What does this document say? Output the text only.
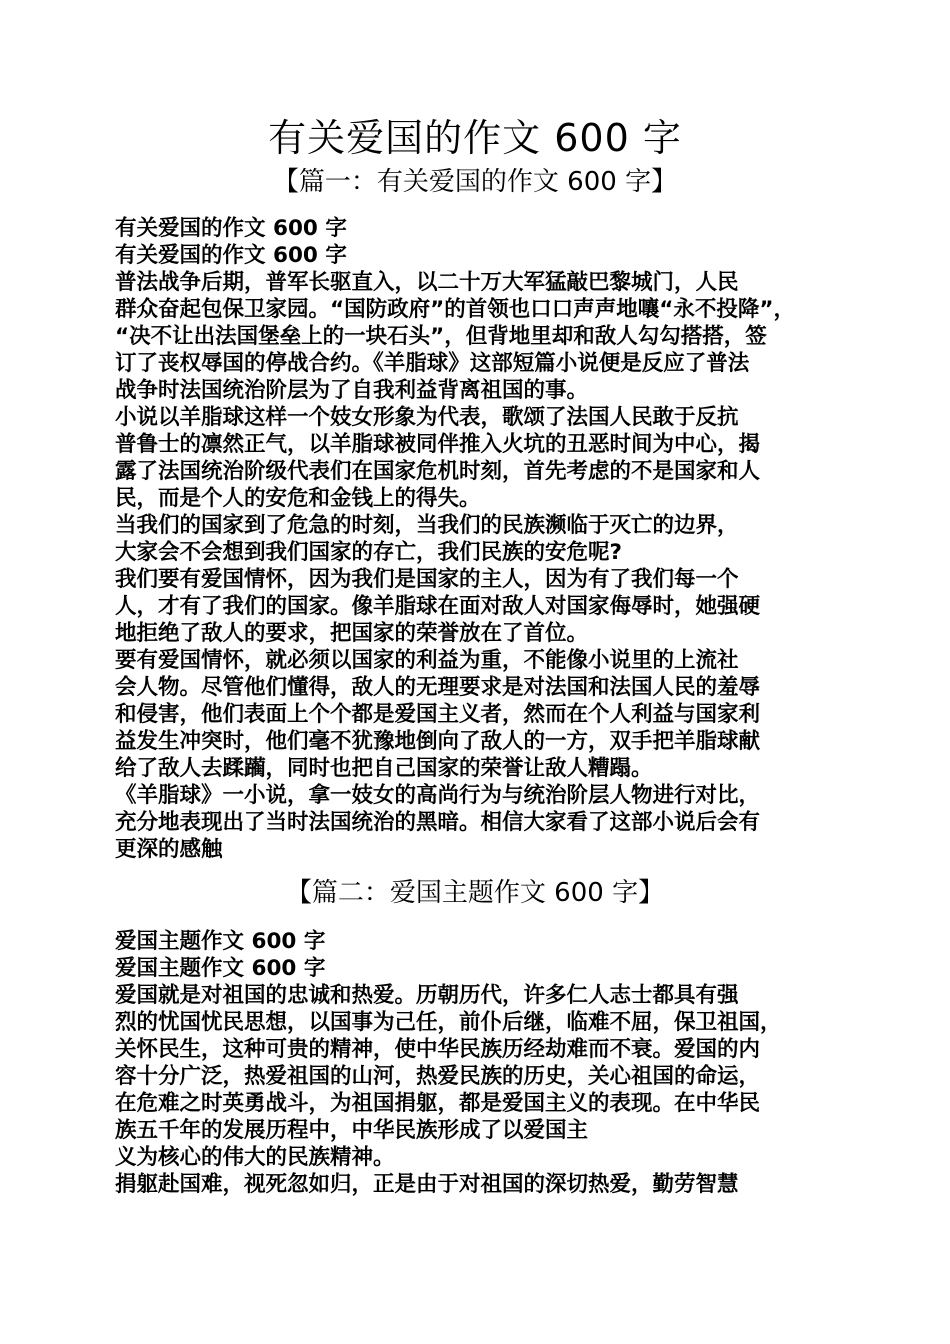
有关爱国的作文 600 字
【篇一：有关爱国的作文 600 字】
有关爱国的作文 600 字
有关爱国的作文 600 字
普法战争后期，普军长驱直入，以二十万大军猛敲巴黎城门，人民
群众奋起包保卫家园。“国防政府”的首领也口口声声地嚷“永不投降”，
“决不让出法国堡垒上的一块石头”，但背地里却和敌人勾勾搭搭，签
订了丧权辱国的停战合约。《羊脂球》这部短篇小说便是反应了普法
战争时法国统治阶层为了自我利益背离祖国的事。
小说以羊脂球这样一个妓女形象为代表，歌颂了法国人民敢于反抗
普鲁士的凛然正气，以羊脂球被同伴推入火坑的丑恶时间为中心，揭
露了法国统治阶级代表们在国家危机时刻，首先考虑的不是国家和人
民，而是个人的安危和金钱上的得失。
当我们的国家到了危急的时刻，当我们的民族濒临于灭亡的边界，
大家会不会想到我们国家的存亡，我们民族的安危呢?
我们要有爱国情怀，因为我们是国家的主人，因为有了我们每一个
人，才有了我们的国家。像羊脂球在面对敌人对国家侮辱时，她强硬
地拒绝了敌人的要求，把国家的荣誉放在了首位。
要有爱国情怀，就必须以国家的利益为重，不能像小说里的上流社
会人物。尽管他们懂得，敌人的无理要求是对法国和法国人民的羞辱
和侵害，他们表面上个个都是爱国主义者，然而在个人利益与国家利
益发生冲突时，他们毫不犹豫地倒向了敌人的一方，双手把羊脂球献
给了敌人去蹂躏，同时也把自己国家的荣誉让敌人糟蹋。
《羊脂球》一小说，拿一妓女的高尚行为与统治阶层人物进行对比，
充分地表现出了当时法国统治的黑暗。相信大家看了这部小说后会有
更深的感触
【篇二：爱国主题作文 600 字】
爱国主题作文 600 字
爱国主题作文 600 字
爱国就是对祖国的忠诚和热爱。历朝历代，许多仁人志士都具有强
烈的忧国忧民思想，以国事为己任，前仆后继，临难不屈，保卫祖国，
关怀民生，这种可贵的精神，使中华民族历经劫难而不衰。爱国的内
容十分广泛，热爱祖国的山河，热爱民族的历史，关心祖国的命运，
在危难之时英勇战斗，为祖国捐躯，都是爱国主义的表现。在中华民
族五千年的发展历程中，中华民族形成了以爱国主
义为核心的伟大的民族精神。
捐躯赴国难，视死忽如归，正是由于对祖国的深切热爱，勤劳智慧
